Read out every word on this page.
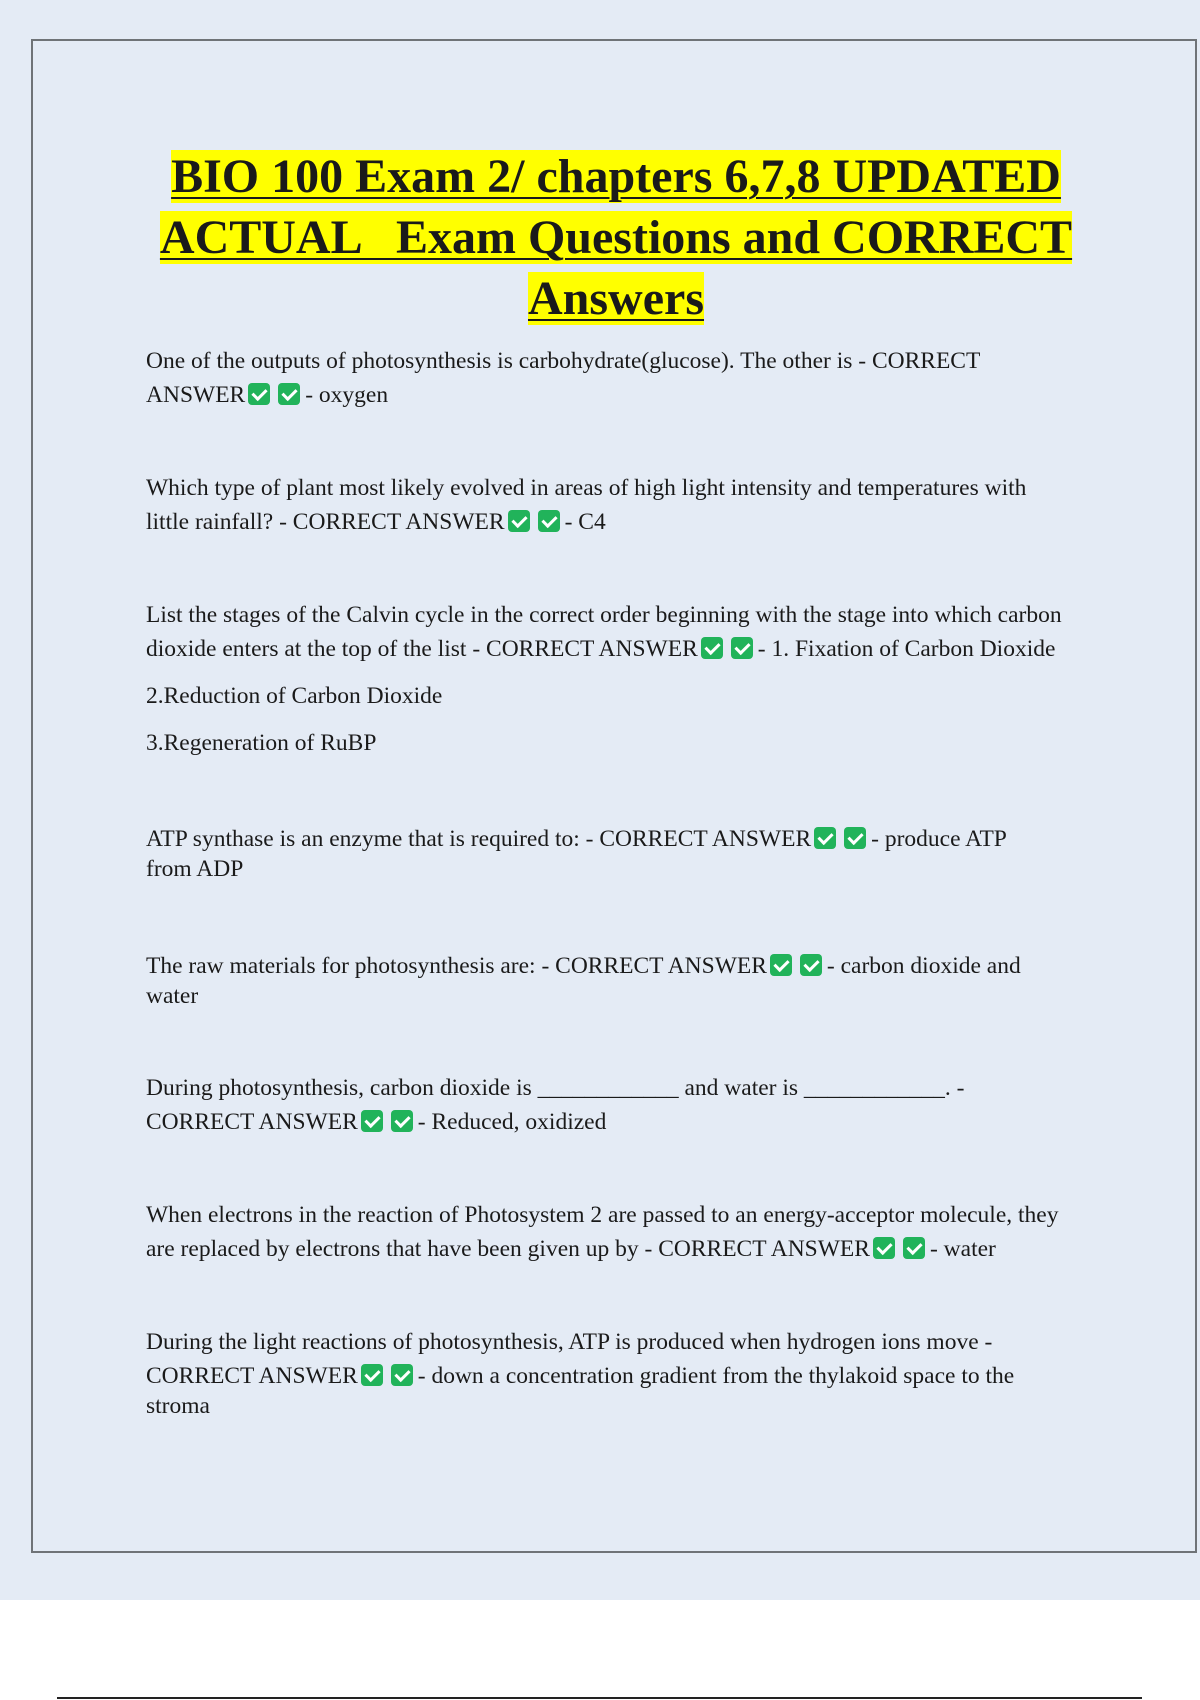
BIO 100 Exam 2/ chapters 6,7,8 UPDATED
ACTUAL   Exam Questions and CORRECT
Answers

One of the outputs of photosynthesis is carbohydrate(glucose). The other is - CORRECT

ANSWER	- oxygen

Which type of plant most likely evolved in areas of high light intensity and temperatures with

little rainfall? - CORRECT ANSWER	- C4

List the stages of the Calvin cycle in the correct order beginning with the stage into which carbon

dioxide enters at the top of the list - CORRECT ANSWER	- 1. Fixation of Carbon Dioxide

2.Reduction of Carbon Dioxide

3.Regeneration of RuBP

ATP synthase is an enzyme that is required to: - CORRECT ANSWER	- produce ATP

from ADP

The raw materials for photosynthesis are: - CORRECT ANSWER	- carbon dioxide and

water

During photosynthesis, carbon dioxide is ____________ and water is ____________. -

CORRECT ANSWER	- Reduced, oxidized

When electrons in the reaction of Photosystem 2 are passed to an energy-acceptor molecule, they

are replaced by electrons that have been given up by - CORRECT ANSWER	- water

During the light reactions of photosynthesis, ATP is produced when hydrogen ions move -

CORRECT ANSWER	- down a concentration gradient from the thylakoid space to the

stroma
